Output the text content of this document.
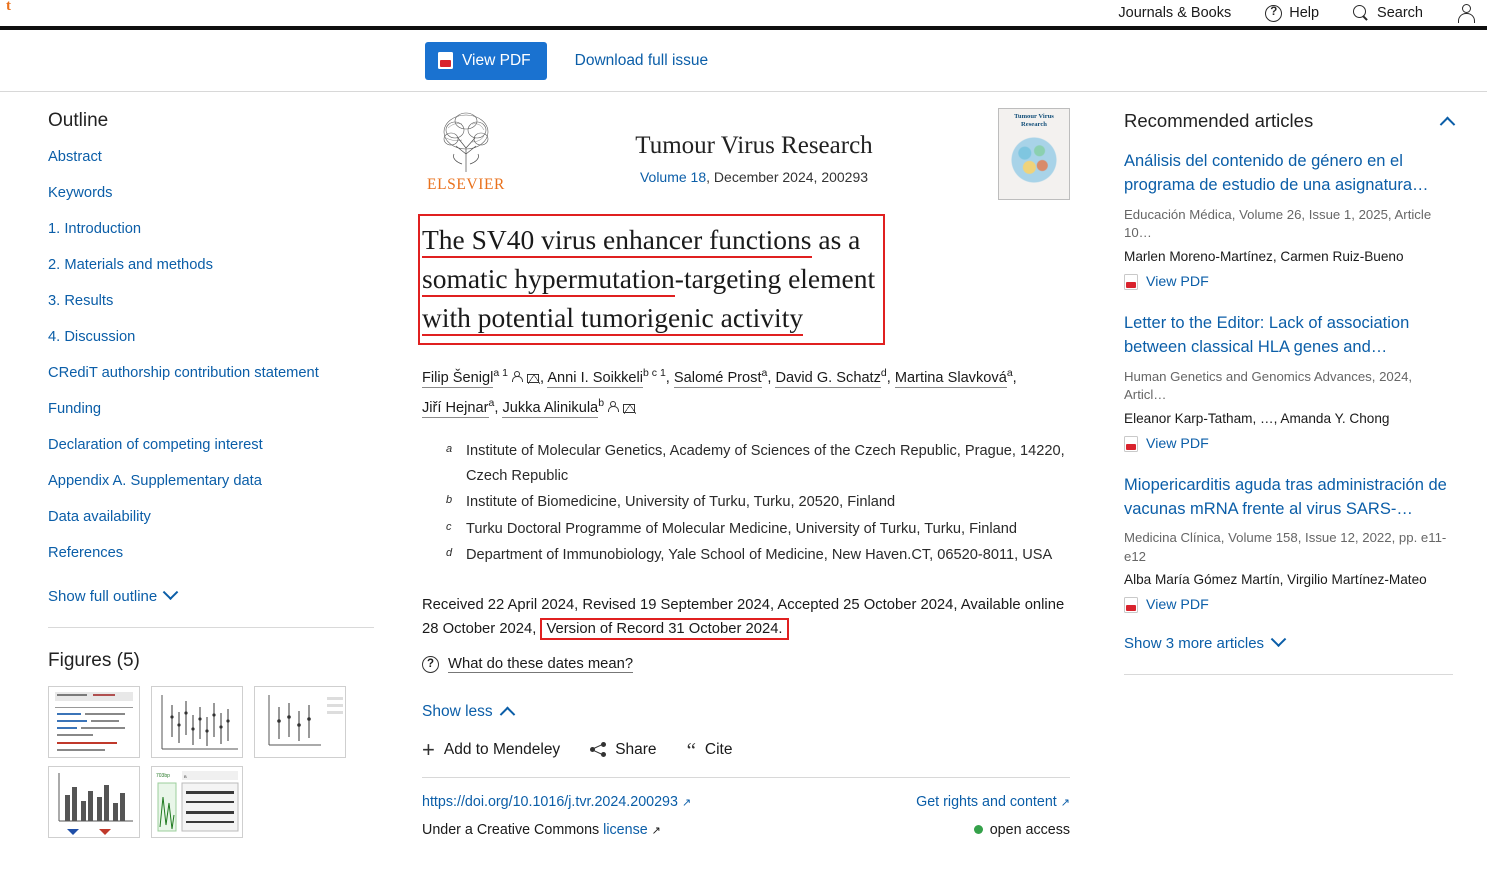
t	Journals & Books ?	Help	Search
View PDF	Download full issue
Outline
Abstract
Keywords
1. Introduction
2. Materials and methods
3. Results
4. Discussion
CRediT authorship contribution statement
Funding
Declaration of competing interest
Appendix A. Supplementary data
Data availability
References
Show full outline
Figures (5)
703bp	B
ELSEVIER
Tumour Virus Research
Volume 18, December 2024, 200293
Tumour Virus Research
The SV40 virus enhancer functions as a
somatic hypermutation-targeting element
with potential tumorigenic activity
Filip Šenigl$^{a 1}$ , Anni I. Soikkeli$^{b c 1}$, Salomé Prost$^a$, David G. Schatz$^d$, Martina Slavková$^a$,
Jiří Hejnar$^a$, Jukka Alinikula$^b$
a Institute of Molecular Genetics, Academy of Sciences of the Czech Republic, Prague, 14220, Czech Republic
b Institute of Biomedicine, University of Turku, Turku, 20520, Finland
c Turku Doctoral Programme of Molecular Medicine, University of Turku, Turku, Finland
d Department of Immunobiology, Yale School of Medicine, New Haven.CT, 06520-8011, USA
Received 22 April 2024, Revised 19 September 2024, Accepted 25 October 2024, Available online 28 October 2024, Version of Record 31 October 2024.
?
What do these dates mean?
Show less
+ Add to Mendeley	Share “ Cite
https://doi.org/10.1016/j.tvr.2024.200293 ↗	Get rights and content ↗
Under a Creative Commons license ↗	open access
Recommended articles
Análisis del contenido de género en el programa de estudio de una asignatura…
Educación Médica, Volume 26, Issue 1, 2025, Article 10…
Marlen Moreno-Martínez, Carmen Ruiz-Bueno
View PDF
Letter to the Editor: Lack of association between classical HLA genes and…
Human Genetics and Genomics Advances, 2024, Articl…
Eleanor Karp-Tatham, …, Amanda Y. Chong
View PDF
Miopericarditis aguda tras administración de vacunas mRNA frente al virus SARS-…
Medicina Clínica, Volume 158, Issue 12, 2022, pp. e11-e12
Alba María Gómez Martín, Virgilio Martínez-Mateo
View PDF
Show 3 more articles
